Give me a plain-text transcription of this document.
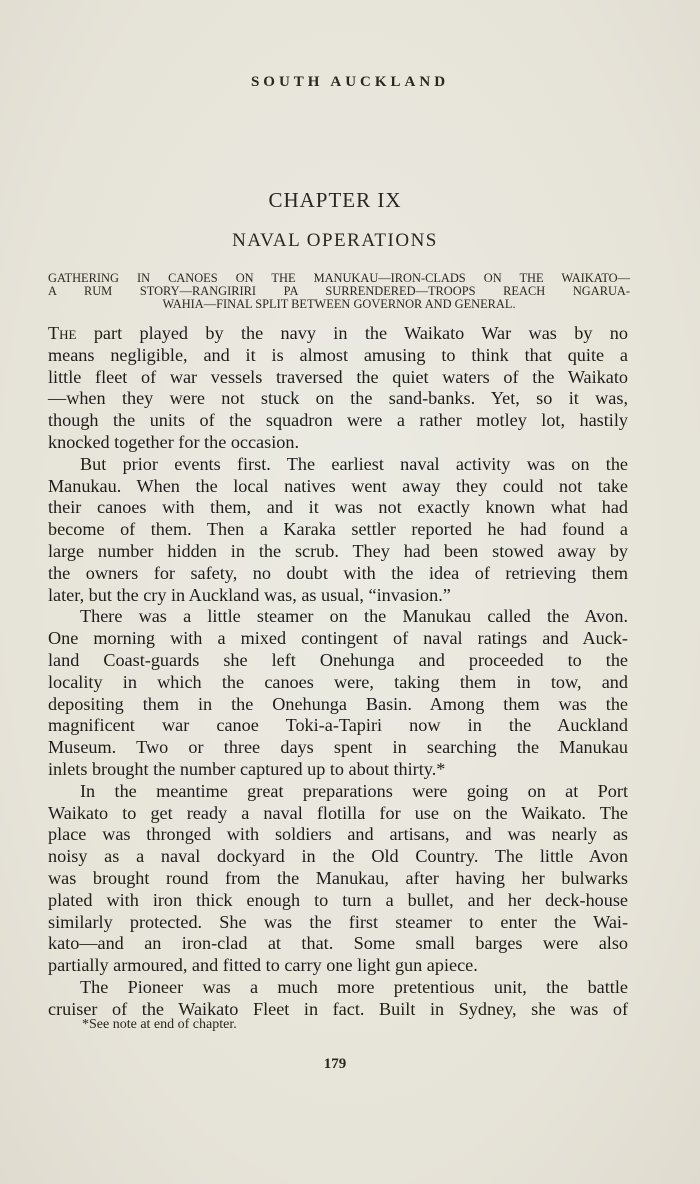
SOUTH AUCKLAND
CHAPTER IX
NAVAL OPERATIONS
GATHERING IN CANOES ON THE MANUKAU—IRON-CLADS ON THE WAIKATO—
A RUM STORY—RANGIRIRI PA SURRENDERED—TROOPS REACH NGARUA-
WAHIA—FINAL SPLIT BETWEEN GOVERNOR AND GENERAL.
The part played by the navy in the Waikato War was by no
means negligible, and it is almost amusing to think that quite a
little fleet of war vessels traversed the quiet waters of the Waikato
—when they were not stuck on the sand-banks. Yet, so it was,
though the units of the squadron were a rather motley lot, hastily
knocked together for the occasion.
But prior events first. The earliest naval activity was on the
Manukau. When the local natives went away they could not take
their canoes with them, and it was not exactly known what had
become of them. Then a Karaka settler reported he had found a
large number hidden in the scrub. They had been stowed away by
the owners for safety, no doubt with the idea of retrieving them
later, but the cry in Auckland was, as usual, “invasion.”
There was a little steamer on the Manukau called the Avon.
One morning with a mixed contingent of naval ratings and Auck-
land Coast-guards she left Onehunga and proceeded to the
locality in which the canoes were, taking them in tow, and
depositing them in the Onehunga Basin. Among them was the
magnificent war canoe Toki-a-Tapiri now in the Auckland
Museum. Two or three days spent in searching the Manukau
inlets brought the number captured up to about thirty.*
In the meantime great preparations were going on at Port
Waikato to get ready a naval flotilla for use on the Waikato. The
place was thronged with soldiers and artisans, and was nearly as
noisy as a naval dockyard in the Old Country. The little Avon
was brought round from the Manukau, after having her bulwarks
plated with iron thick enough to turn a bullet, and her deck-house
similarly protected. She was the first steamer to enter the Wai-
kato—and an iron-clad at that. Some small barges were also
partially armoured, and fitted to carry one light gun apiece.
The Pioneer was a much more pretentious unit, the battle
cruiser of the Waikato Fleet in fact. Built in Sydney, she was of
*See note at end of chapter.
179
